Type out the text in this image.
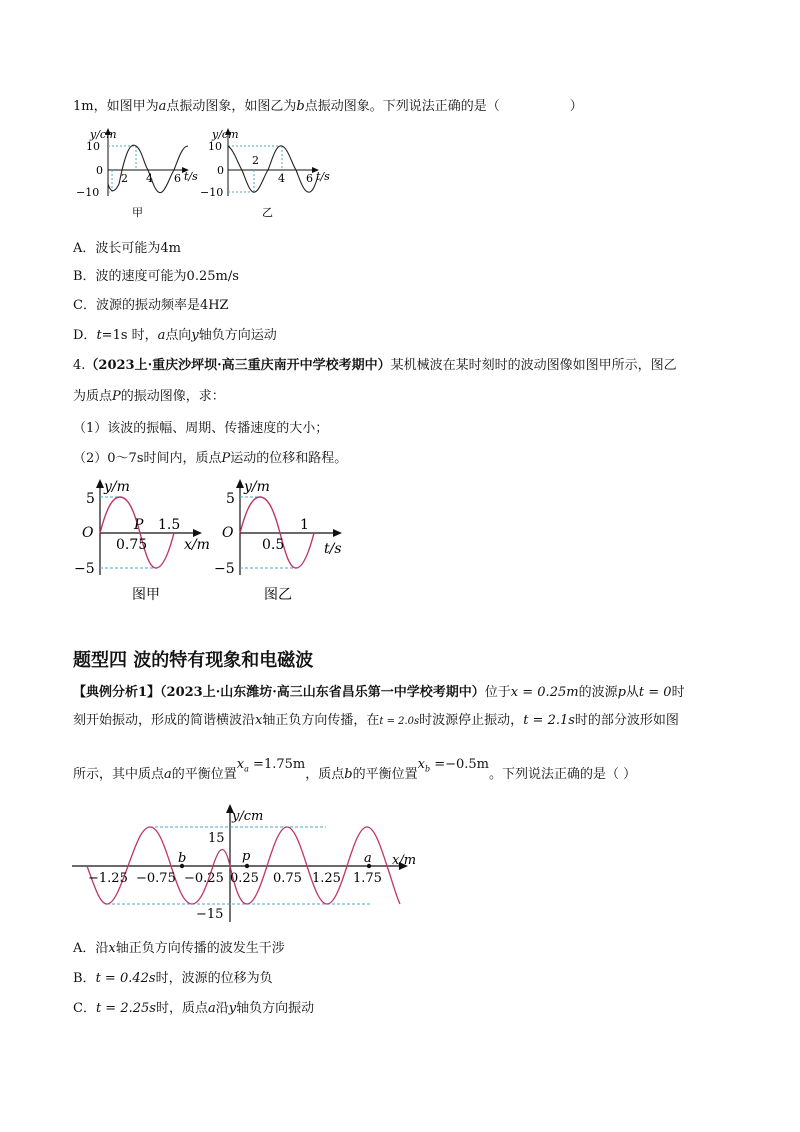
1m，如图甲为a点振动图象，如图乙为b点振动图象。下列说法正确的是（	）
y/cm
10
0
−10
2 4 6 t/s
甲
y/cm
10
0
−10
2
4 6 t/s
乙
A．波长可能为4m
B．波的速度可能为0.25m/s
C．波源的振动频率是4HZ
D．t=1s 时，a点向y轴负方向运动
4.（2023上·重庆沙坪坝·高三重庆南开中学校考期中）某机械波在某时刻时的波动图像如图甲所示，图乙
为质点P的振动图像，求：
（1）该波的振幅、周期、传播速度的大小；
（2）0～7s时间内，质点P运动的位移和路程。
y/m
5
O
−5
P 1.5
0.75	x/m
图甲
y/m
5
O
−5
1
0.5	t/s
图乙
题型四 波的特有现象和电磁波
【典例分析1】（2023上·山东潍坊·高三山东省昌乐第一中学校考期中）位于x = 0.25m的波源p从t = 0时
刻开始振动，形成的简谐横波沿x轴正负方向传播，在t = 2.0s时波源停止振动，t = 2.1s时的部分波形如图
所示，其中质点a的平衡位置$x_a =1.75m$，质点b的平衡位置$x_b =-0.5m$。下列说法正确的是（ ）
y/cm
15
−15
x/m
b	p	a
−1.25 −0.75 −0.25 0.25 0.75 1.25 1.75
A．沿x轴正负方向传播的波发生干涉
B．t = 0.42s时，波源的位移为负
C．t = 2.25s时，质点a沿y轴负方向振动
